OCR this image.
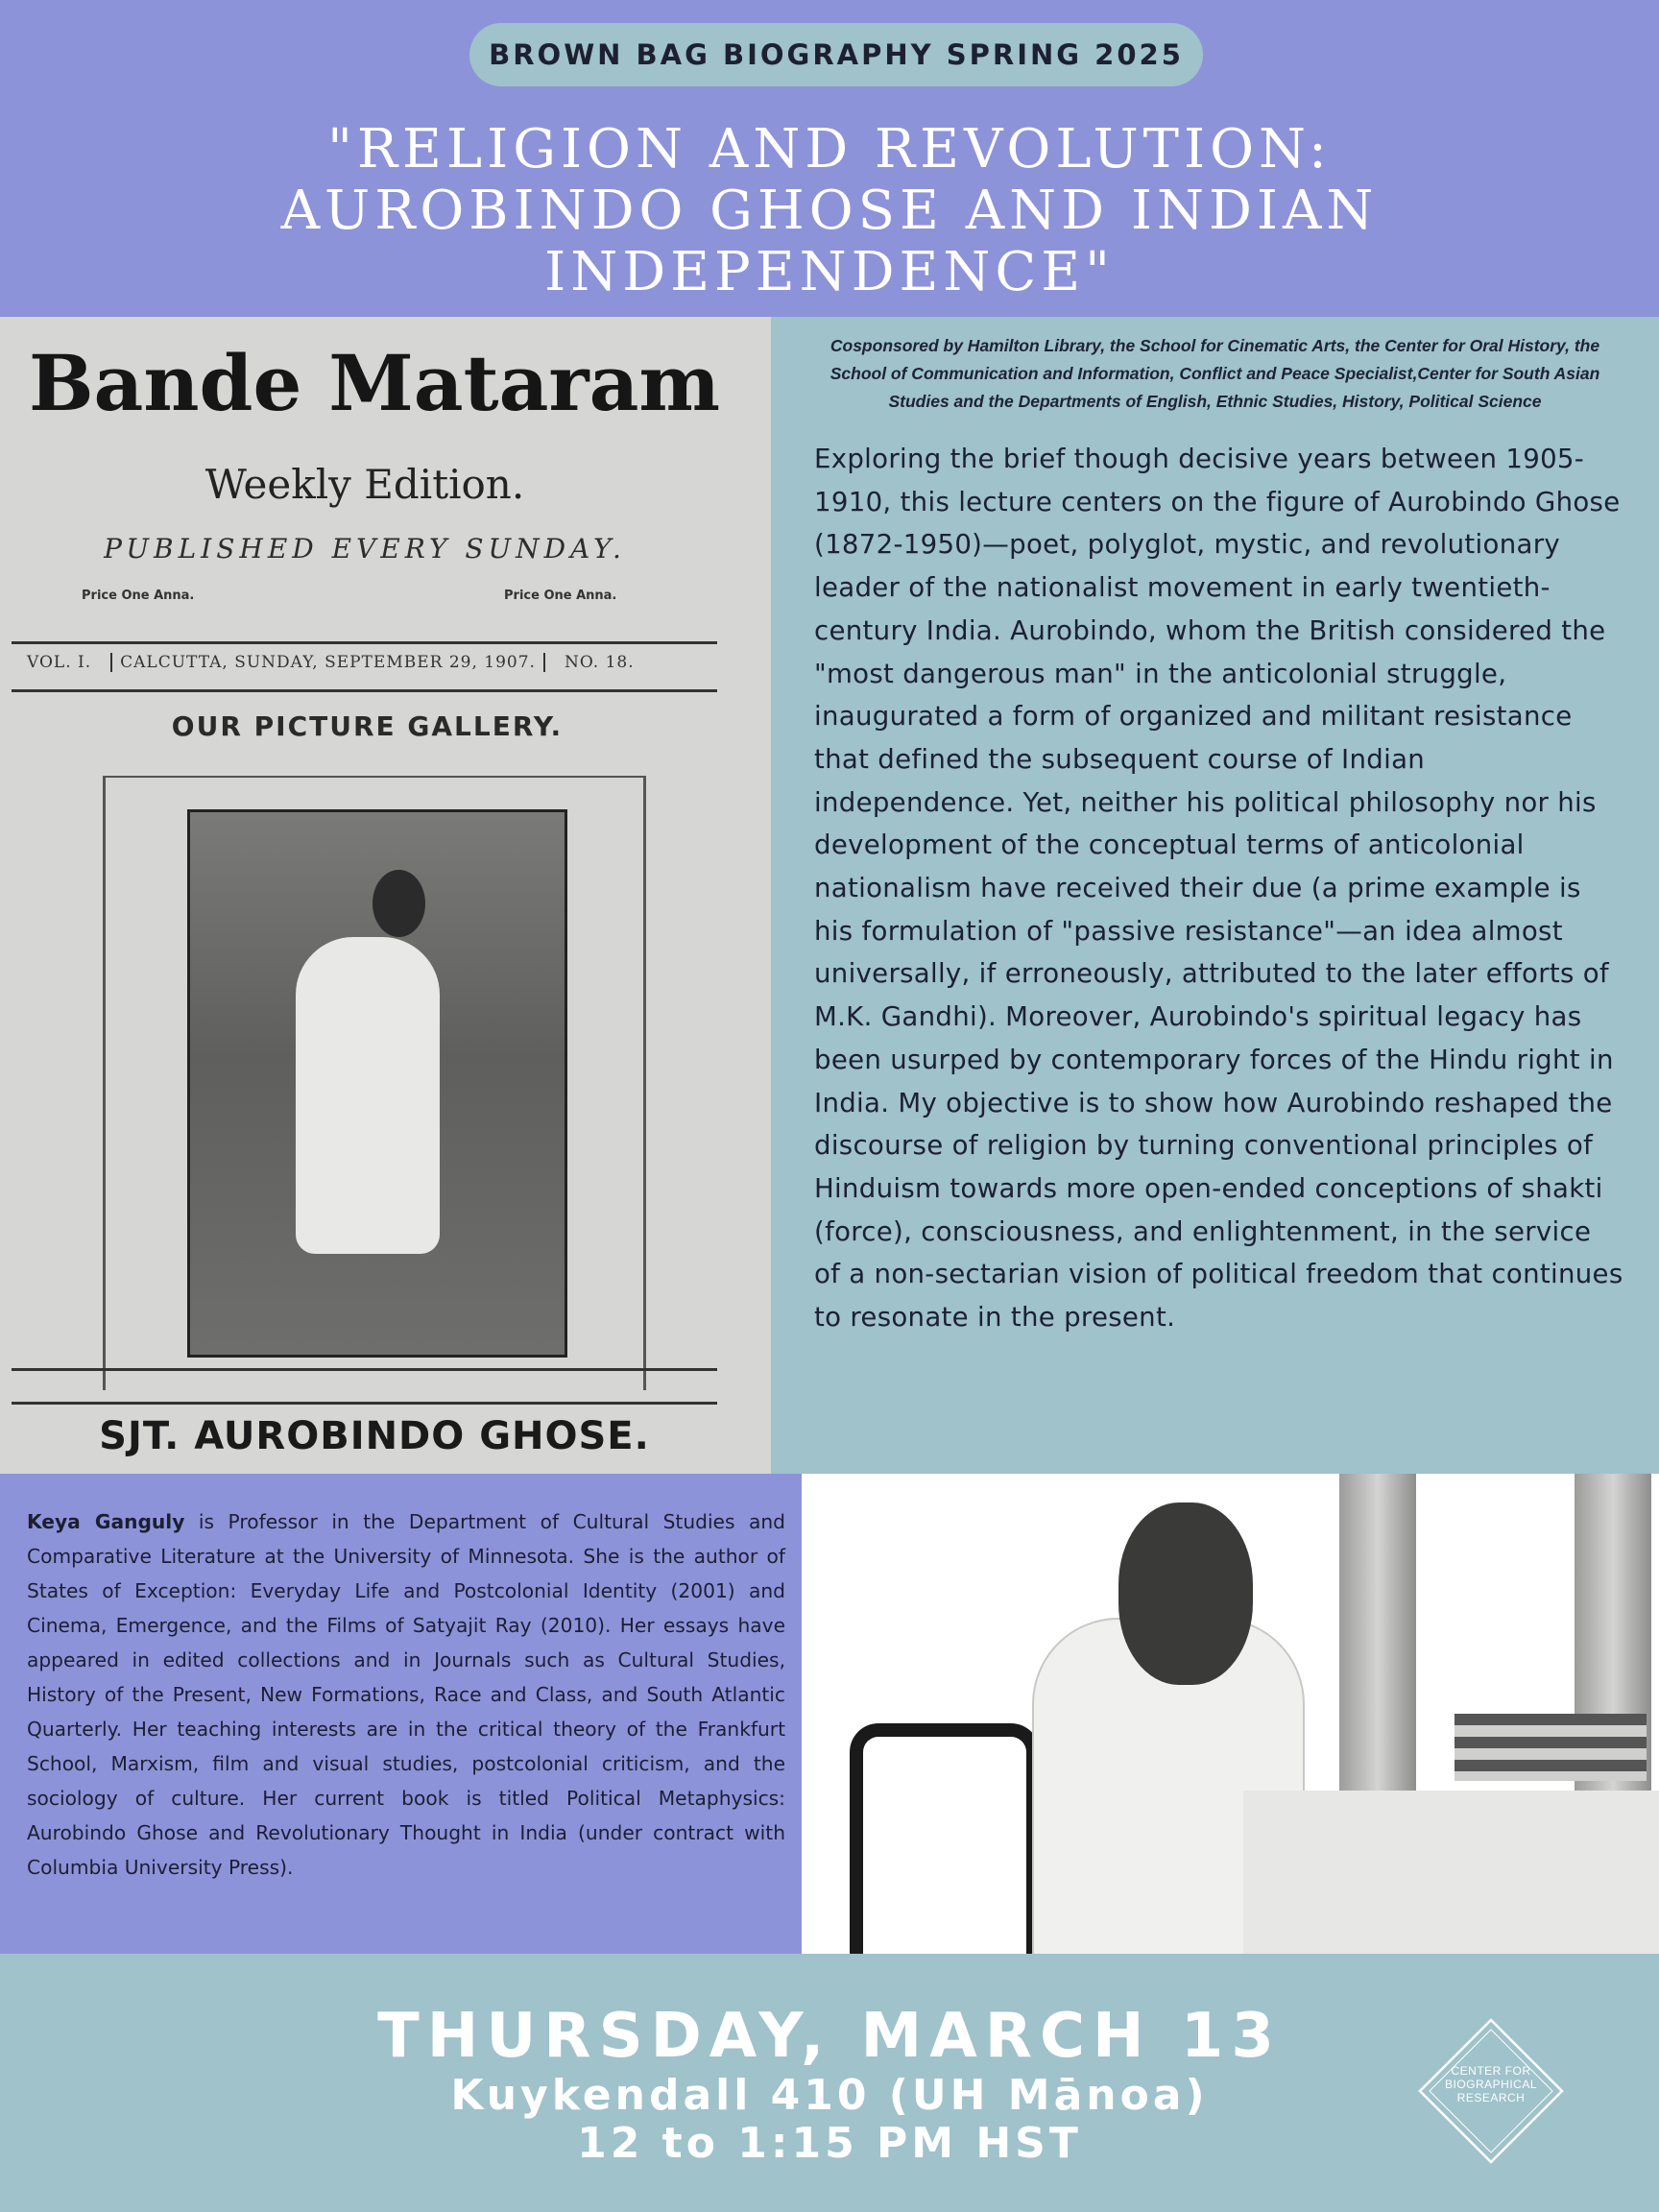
BROWN BAG BIOGRAPHY SPRING 2025
"RELIGION AND REVOLUTION:
AUROBINDO GHOSE AND INDIAN
INDEPENDENCE"
Bande Mataram
Weekly Edition.
PUBLISHED EVERY SUNDAY.
Price One Anna.	Price One Anna.
VOL. I.	CALCUTTA, SUNDAY, SEPTEMBER 29, 1907.	NO. 18.
OUR PICTURE GALLERY.
SJT. AUROBINDO GHOSE.
Cosponsored by Hamilton Library, the School for Cinematic Arts, the Center for Oral History, the School of Communication and Information, Conflict and Peace Specialist,Center for South Asian Studies and the Departments of English, Ethnic Studies, History, Political Science
Exploring the brief though decisive years between 1905-1910, this lecture centers on the figure of Aurobindo Ghose (1872-1950)—poet, polyglot, mystic, and revolutionary leader of the nationalist movement in early twentieth-century India. Aurobindo, whom the British considered the "most dangerous man" in the anticolonial struggle, inaugurated a form of organized and militant resistance that defined the subsequent course of Indian independence. Yet, neither his political philosophy nor his development of the conceptual terms of anticolonial nationalism have received their due (a prime example is his formulation of "passive resistance"—an idea almost universally, if erroneously, attributed to the later efforts of M.K. Gandhi). Moreover, Aurobindo's spiritual legacy has been usurped by contemporary forces of the Hindu right in India. My objective is to show how Aurobindo reshaped the discourse of religion by turning conventional principles of Hinduism towards more open-ended conceptions of shakti (force), consciousness, and enlightenment, in the service of a non-sectarian vision of political freedom that continues to resonate in the present.
Keya Ganguly is Professor in the Department of Cultural Studies and Comparative Literature at the University of Minnesota. She is the author of States of Exception: Everyday Life and Postcolonial Identity (2001) and Cinema, Emergence, and the Films of Satyajit Ray (2010). Her essays have appeared in edited collections and in Journals such as Cultural Studies, History of the Present, New Formations, Race and Class, and South Atlantic Quarterly. Her teaching interests are in the critical theory of the Frankfurt School, Marxism, film and visual studies, postcolonial criticism, and the sociology of culture. Her current book is titled Political Metaphysics: Aurobindo Ghose and Revolutionary Thought in India (under contract with Columbia University Press).
THURSDAY, MARCH 13
Kuykendall 410 (UH Mānoa)
12 to 1:15 PM HST
CENTER FOR
BIOGRAPHICAL
RESEARCH
